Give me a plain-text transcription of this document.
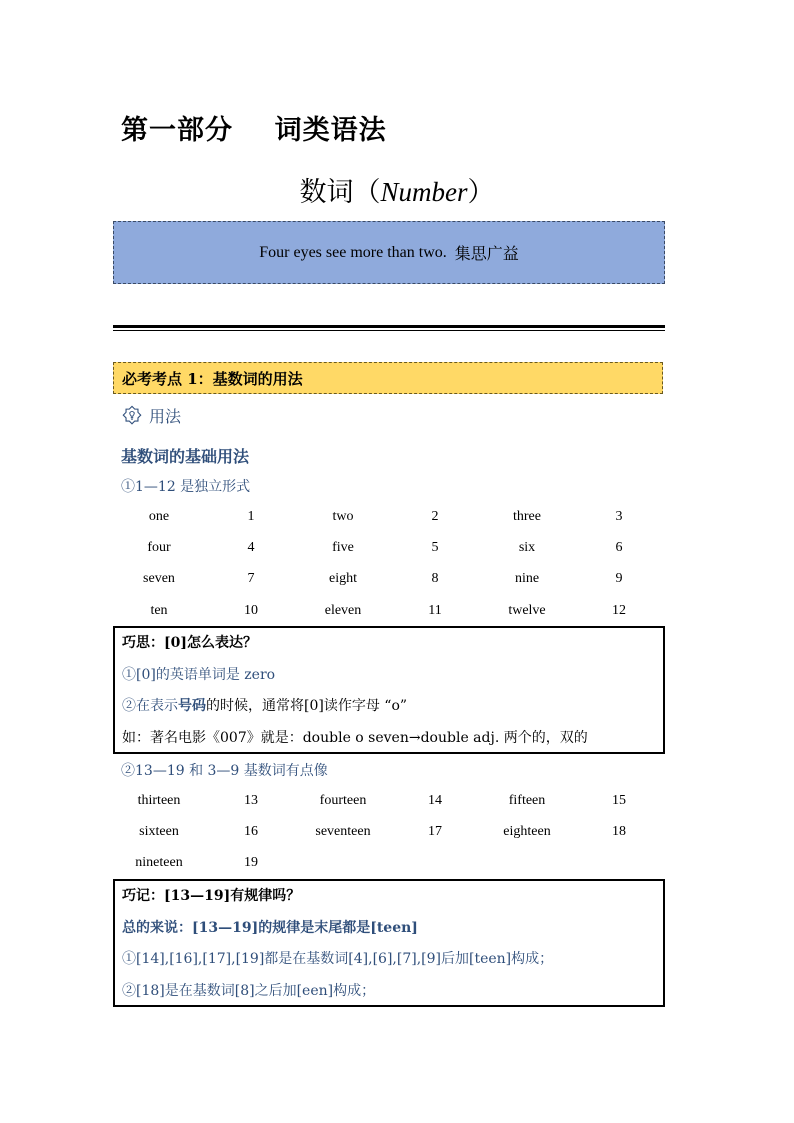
第一部分    词类语法
数词（Number）
Four eyes see more than two. 集思广益
必考考点 1：基数词的用法
用法
基数词的基础用法
①1—12 是独立形式
one	1	two	2	three	3
four	4	five	5	six	6
seven	7	eight	8	nine	9
ten	10	eleven	11	twelve	12
巧思：[0]怎么表达？
①[0]的英语单词是 zero
②在表示号码的时候，通常将[0]读作字母 “o”
如：著名电影《007》就是：double o seven→double adj. 两个的，双的
②13—19 和 3—9 基数词有点像
thirteen	13	fourteen	14	fifteen	15
sixteen	16	seventeen	17	eighteen	18
nineteen	19
巧记：[13—19]有规律吗？
总的来说：[13—19]的规律是末尾都是[teen]
①[14],[16],[17],[19]都是在基数词[4],[6],[7],[9]后加[teen]构成；
②[18]是在基数词[8]之后加[een]构成；
